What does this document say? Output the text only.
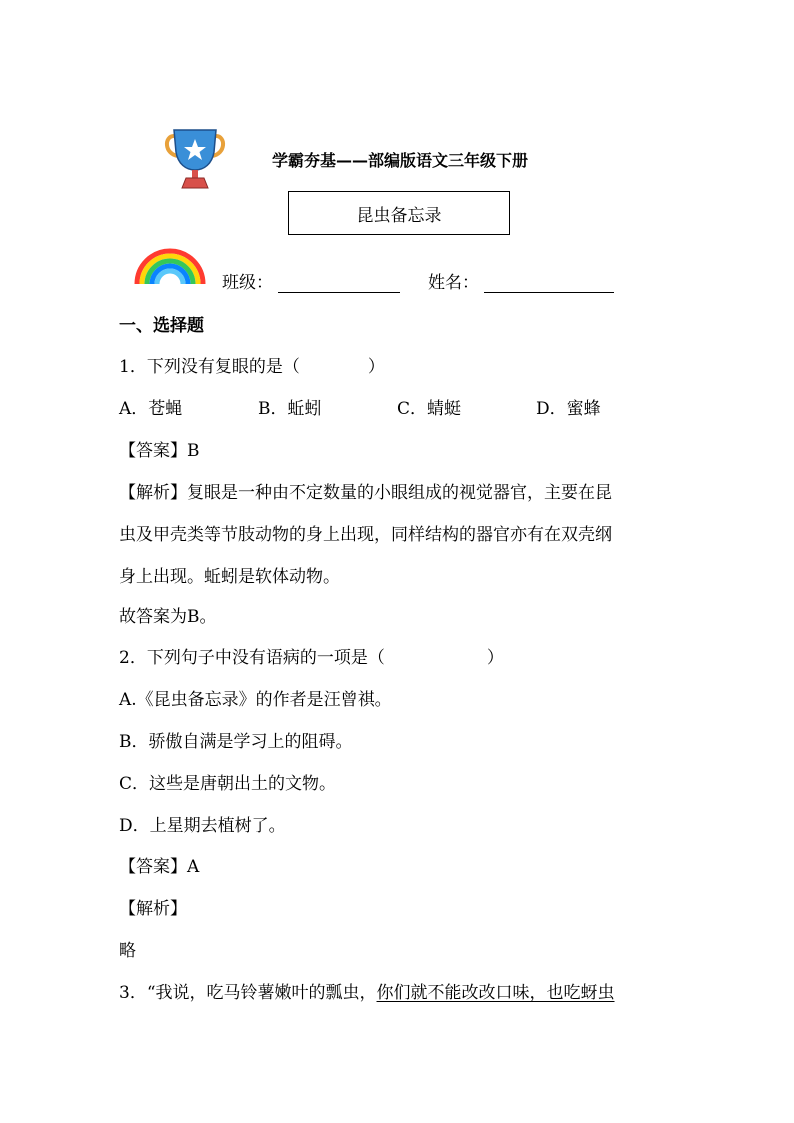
学霸夯基——部编版语文三年级下册
昆虫备忘录
班级：	姓名：
一、选择题
1．下列没有复眼的是（　　　　）
A．苍蝇	B．蚯蚓	C．蜻蜓	D．蜜蜂
【答案】B
【解析】复眼是一种由不定数量的小眼组成的视觉器官，主要在昆
虫及甲壳类等节肢动物的身上出现，同样结构的器官亦有在双壳纲
身上出现。蚯蚓是软体动物。
故答案为B。
2．下列句子中没有语病的一项是（　　　　　　）
A.《昆虫备忘录》的作者是汪曾祺。
B．骄傲自满是学习上的阻碍。
C．这些是唐朝出土的文物。
D．上星期去植树了。
【答案】A
【解析】
略
3．“我说，吃马铃薯嫩叶的瓢虫，你们就不能改改口味，也吃蚜虫
